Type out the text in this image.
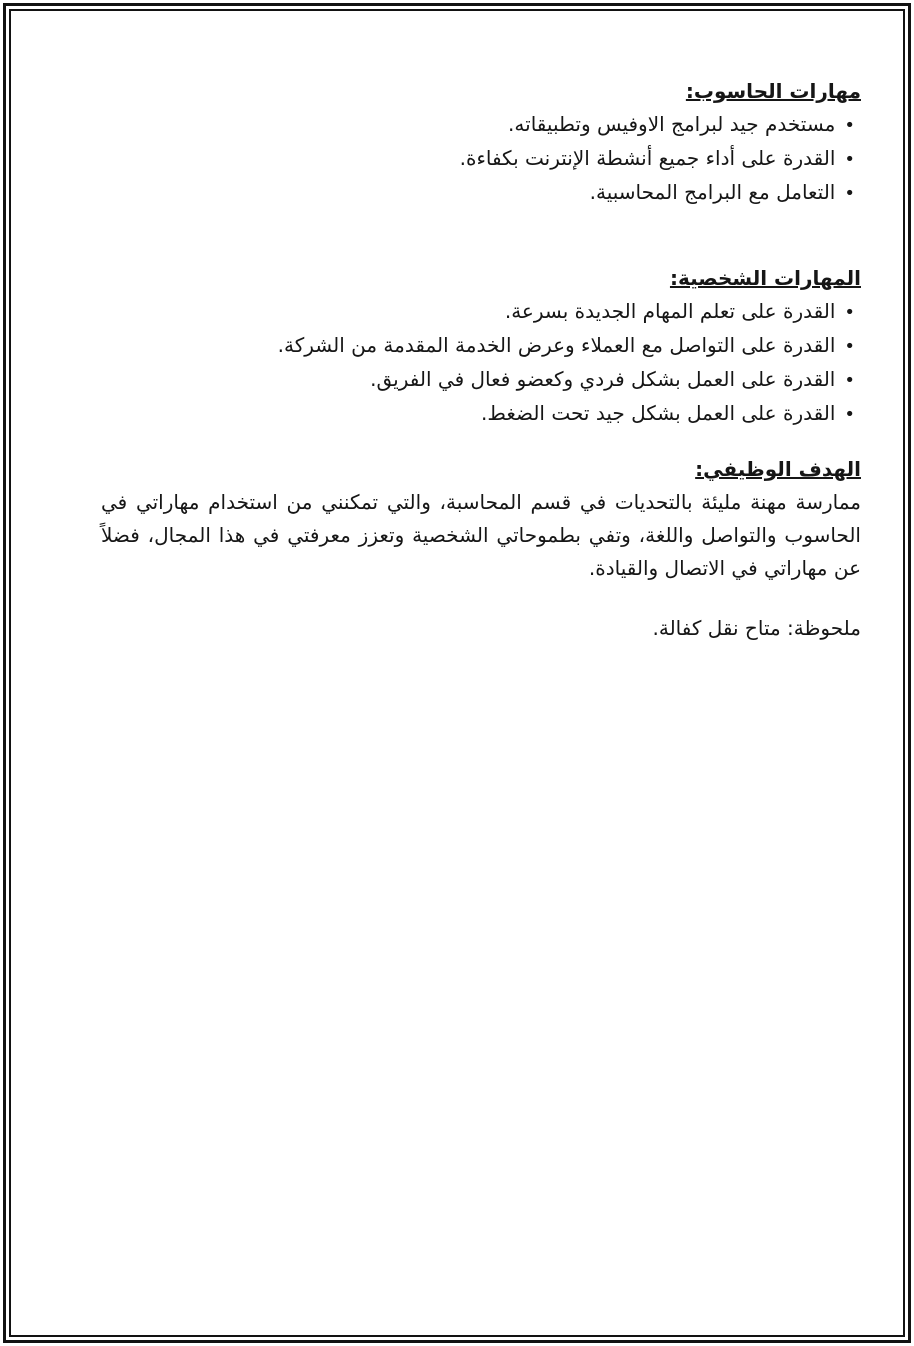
مهارات الحاسوب:
•مستخدم جيد لبرامج الاوفيس وتطبيقاته.
•القدرة على أداء جميع أنشطة الإنترنت بكفاءة.
•التعامل مع البرامج المحاسبية.
المهارات الشخصية:
•القدرة على تعلم المهام الجديدة بسرعة.
•القدرة على التواصل مع العملاء وعرض الخدمة المقدمة من الشركة.
•القدرة على العمل بشكل فردي وكعضو فعال في الفريق.
•القدرة على العمل بشكل جيد تحت الضغط.
الهدف الوظيفي:

ممارسة مهنة مليئة بالتحديات في قسم المحاسبة، والتي تمكنني من استخدام مهاراتي في الحاسوب والتواصل واللغة، وتفي بطموحاتي الشخصية وتعزز معرفتي في هذا المجال، فضلاً عن مهاراتي في الاتصال والقيادة.

ملحوظة: متاح نقل كفالة.
